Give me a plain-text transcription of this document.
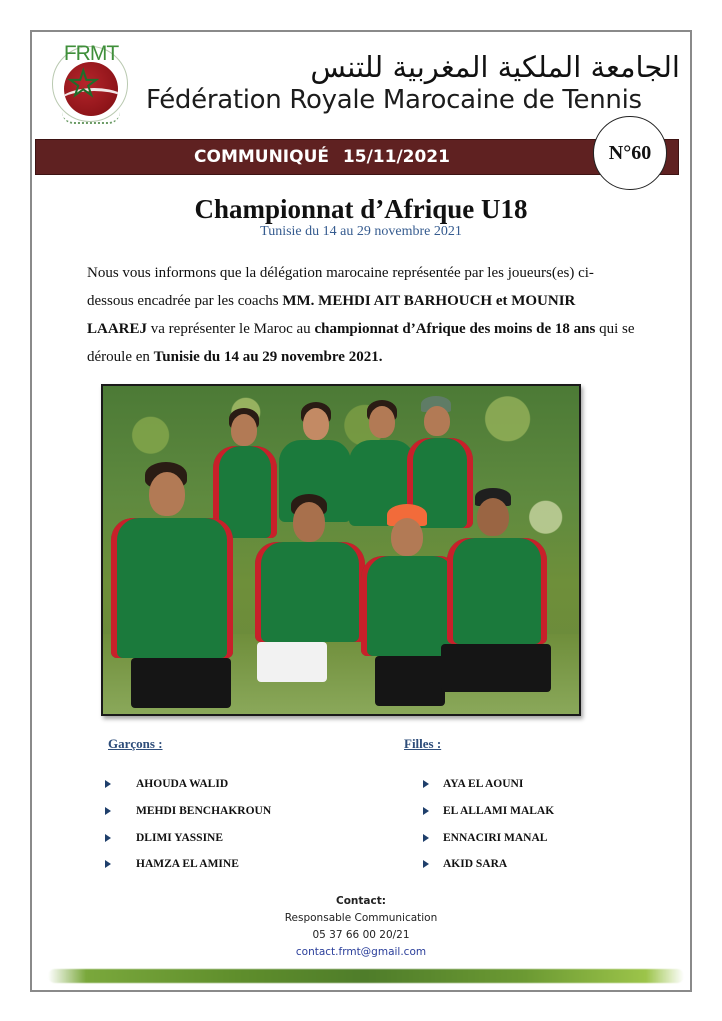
★
FRMT	الجامعة الملكية المغربية للتنس
Fédération Royale Marocaine de Tennis
COMMUNIQUÉ 15/11/2021	N°60
Championnat d’Afrique U18
Tunisie du 14 au 29 novembre 2021

Nous vous informons que la délégation marocaine représentée par les joueurs(es) ci-dessous encadrée par les coachs MM. MEHDI AIT BARHOUCH et MOUNIR LAAREJ va représenter le Maroc au championnat d’Afrique des moins de 18 ans qui se déroule en Tunisie du 14 au 29 novembre 2021.

Garçons :
AHOUDA WALID
MEHDI BENCHAKROUN
DLIMI YASSINE
HAMZA EL AMINE
Filles :
AYA EL AOUNI
EL ALLAMI MALAK
ENNACIRI MANAL
AKID SARA
Contact:
Responsable Communication
05 37 66 00 20/21
contact.frmt@gmail.com
